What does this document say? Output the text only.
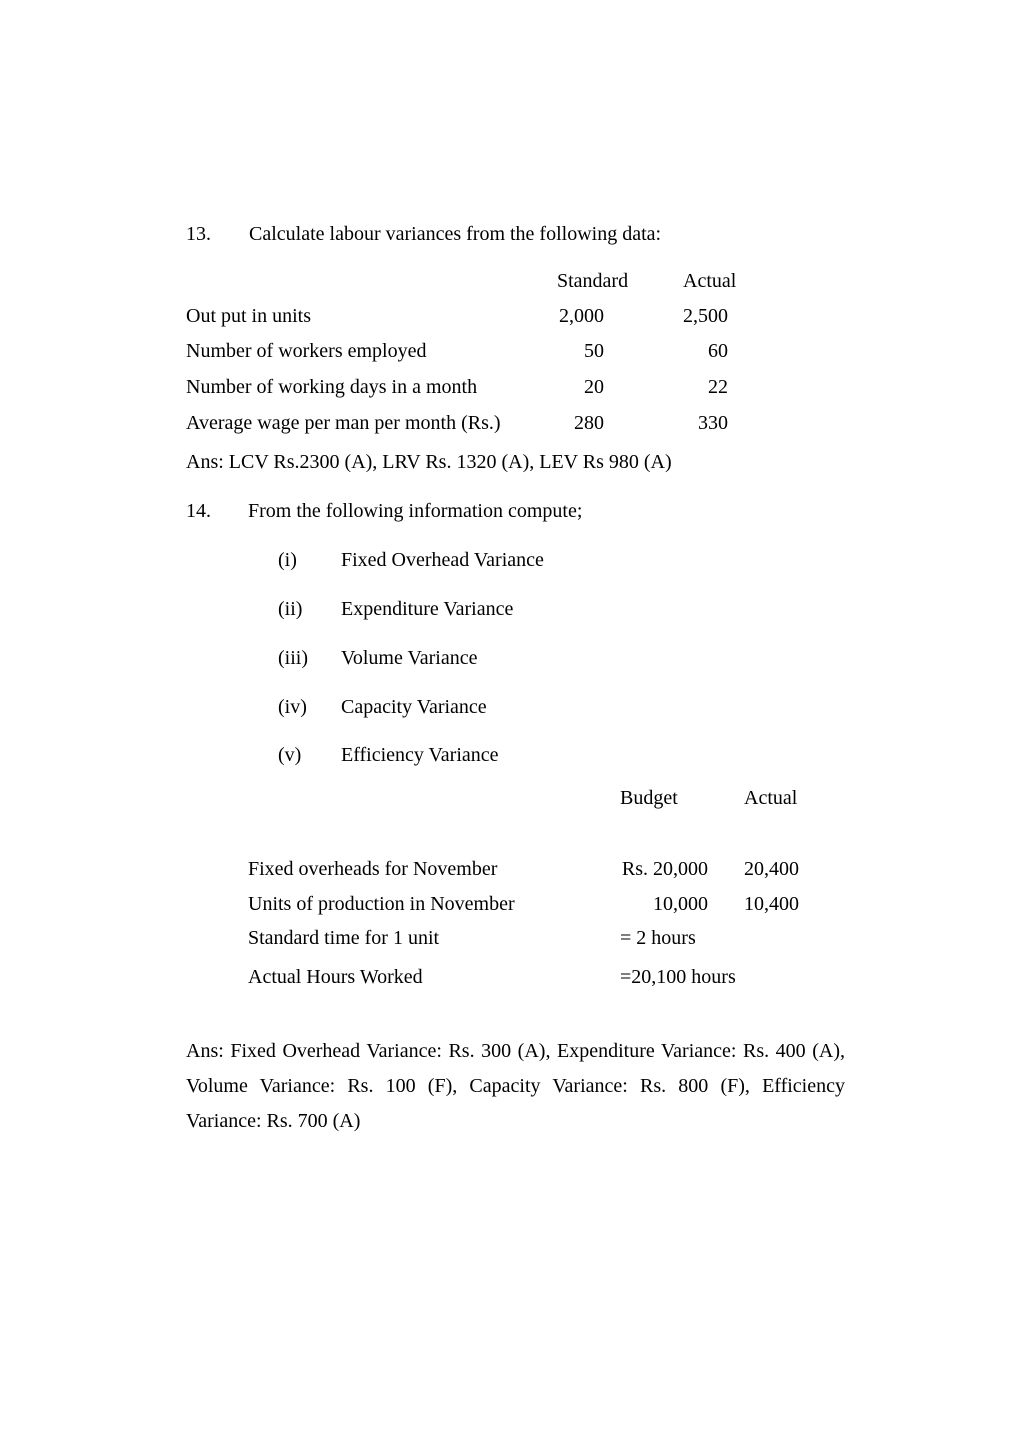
13. Calculate labour variances from the following data:
Standard	Actual
Out put in units	2,000	2,500
Number of workers employed	50	60
Number of working days in a month	20	22
Average wage per man per month (Rs.)	280	330
Ans: LCV Rs.2300 (A), LRV Rs. 1320 (A), LEV Rs 980 (A)
14. From the following information compute;
(i) Fixed Overhead Variance
(ii) Expenditure Variance
(iii) Volume Variance
(iv) Capacity Variance
(v) Efficiency Variance
Budget	Actual
Fixed overheads for November	Rs. 20,000 20,400
Units of production in November	10,000 10,400
Standard time for 1 unit	= 2 hours
Actual Hours Worked	=20,100 hours
Ans: Fixed Overhead Variance: Rs. 300 (A), Expenditure Variance: Rs. 400 (A),
Volume Variance: Rs. 100 (F), Capacity Variance: Rs. 800 (F), Efficiency
Variance: Rs. 700 (A)
